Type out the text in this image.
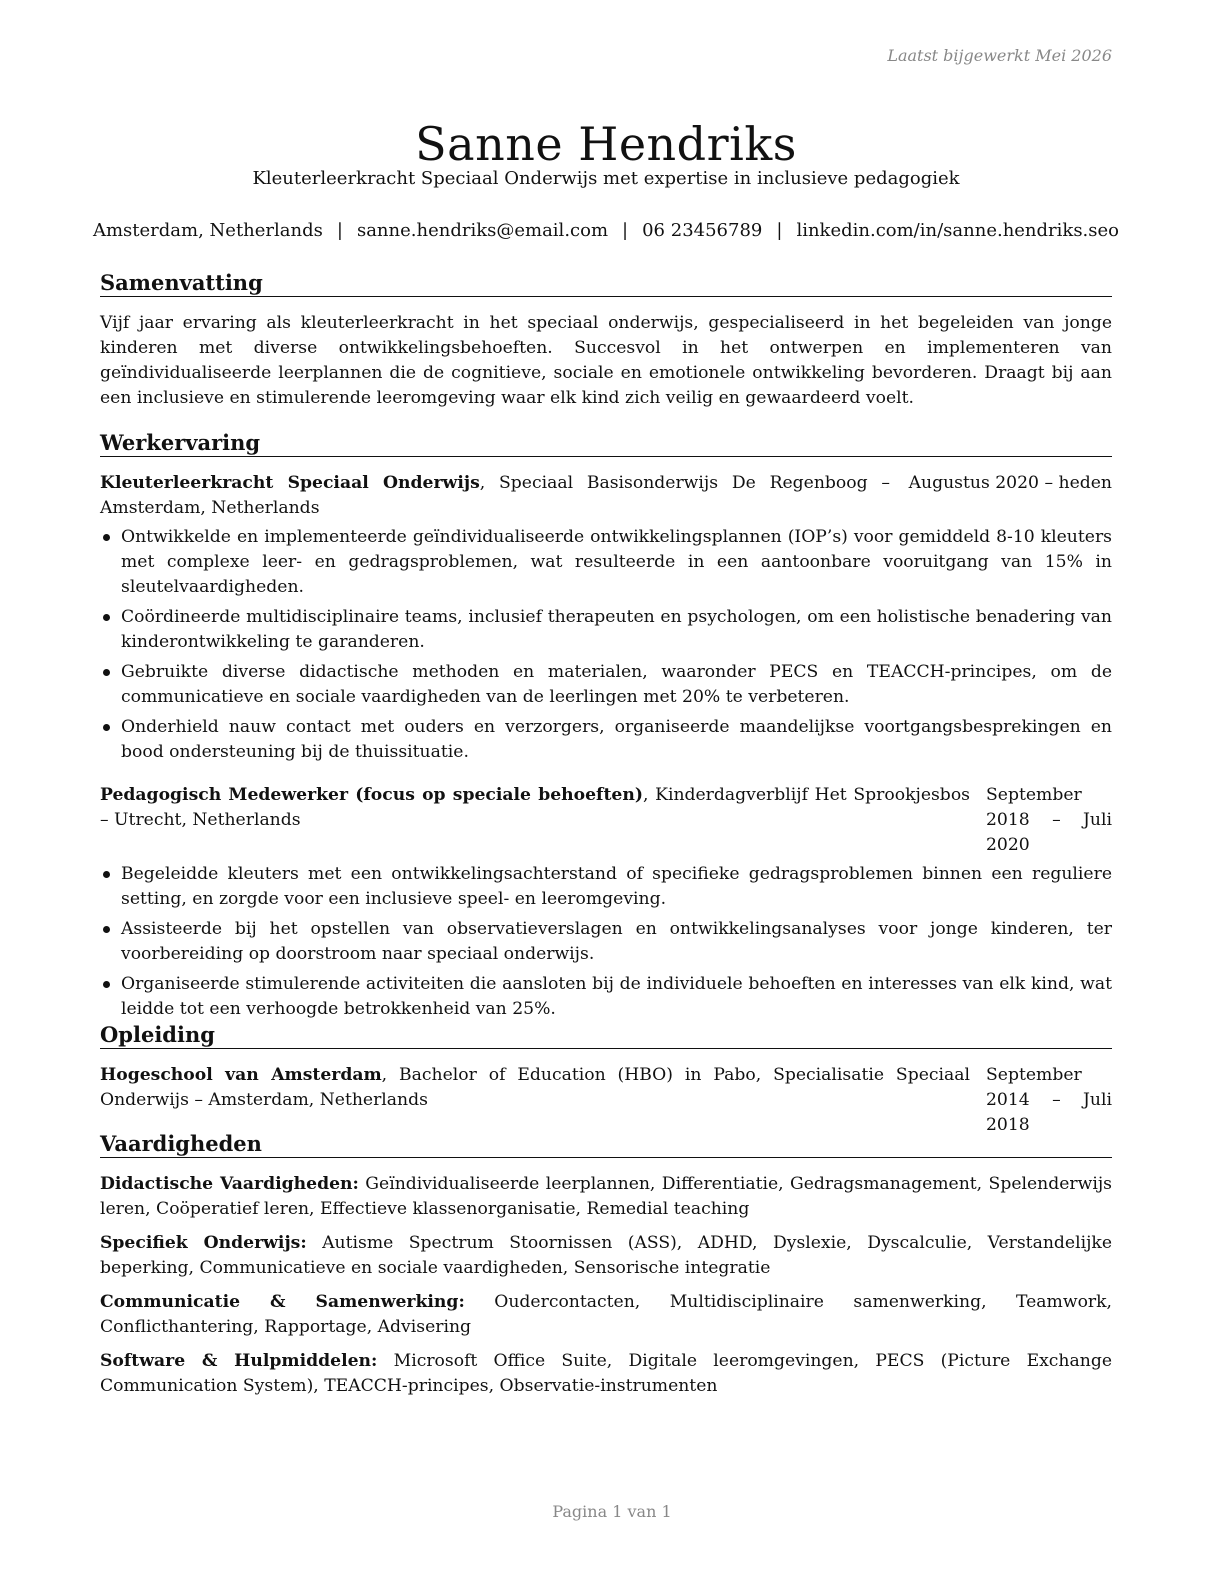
Laatst bijgewerkt Mei 2026
Sanne Hendriks
Kleuterleerkracht Speciaal Onderwijs met expertise in inclusieve pedagogiek
Amsterdam, Netherlands | sanne.hendriks@email.com | 06 23456789 | linkedin.com/in/sanne.hendriks.seo
Samenvatting

Vijf jaar ervaring als kleuterleerkracht in het speciaal onderwijs, gespecialiseerd in het begeleiden van jonge kinderen met diverse ontwikkelingsbehoeften. Succesvol in het ontwerpen en implementeren van geïndividualiseerde leerplannen die de cognitieve, sociale en emotionele ontwikkeling bevorderen. Draagt bij aan een inclusieve en stimulerende leeromgeving waar elk kind zich veilig en gewaardeerd voelt.

Werkervaring
Kleuterleerkracht Speciaal Onderwijs, Speciaal Basisonderwijs De Regenboog – Amsterdam, Netherlands
Augustus 2020 – heden
Ontwikkelde en implementeerde geïndividualiseerde ontwikkelingsplannen (IOP’s) voor gemiddeld 8-10 kleuters met complexe leer- en gedragsproblemen, wat resulteerde in een aantoonbare vooruitgang van 15% in sleutelvaardigheden.
Coördineerde multidisciplinaire teams, inclusief therapeuten en psychologen, om een holistische benadering van kinderontwikkeling te garanderen.
Gebruikte diverse didactische methoden en materialen, waaronder PECS en TEACCH-principes, om de communicatieve en sociale vaardigheden van de leerlingen met 20% te verbeteren.
Onderhield nauw contact met ouders en verzorgers, organiseerde maandelijkse voortgangsbesprekingen en bood ondersteuning bij de thuissituatie.
Pedagogisch Medewerker (focus op speciale behoeften), Kinderdagverblijf Het Sprookjesbos – Utrecht, Netherlands
September 2018 – Juli 2020
Begeleidde kleuters met een ontwikkelingsachterstand of specifieke gedragsproblemen binnen een reguliere setting, en zorgde voor een inclusieve speel- en leeromgeving.
Assisteerde bij het opstellen van observatieverslagen en ontwikkelingsanalyses voor jonge kinderen, ter voorbereiding op doorstroom naar speciaal onderwijs.
Organiseerde stimulerende activiteiten die aansloten bij de individuele behoeften en interesses van elk kind, wat leidde tot een verhoogde betrokkenheid van 25%.
Opleiding
Hogeschool van Amsterdam, Bachelor of Education (HBO) in Pabo, Specialisatie Speciaal Onderwijs – Amsterdam, Netherlands
September 2014 – Juli 2018
Vaardigheden

Didactische Vaardigheden: Geïndividualiseerde leerplannen, Differentiatie, Gedragsmanagement, Spelenderwijs leren, Coöperatief leren, Effectieve klassenorganisatie, Remedial teaching

Specifiek Onderwijs: Autisme Spectrum Stoornissen (ASS), ADHD, Dyslexie, Dyscalculie, Verstandelijke beperking, Communicatieve en sociale vaardigheden, Sensorische integratie

Communicatie & Samenwerking: Oudercontacten, Multidisciplinaire samenwerking, Teamwork, Conflicthantering, Rapportage, Advisering

Software & Hulpmiddelen: Microsoft Office Suite, Digitale leeromgevingen, PECS (Picture Exchange Communication System), TEACCH-principes, Observatie-instrumenten

Pagina 1 van 1
